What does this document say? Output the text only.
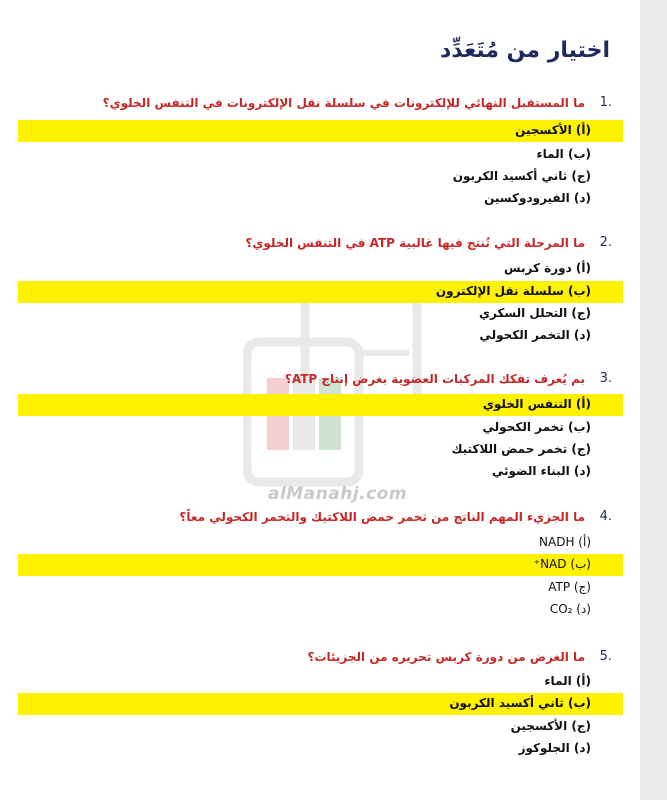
اختيار من مُتَعَدِّد
alManahj.com
1.
ما المستقبل النهائي للإلكترونات في سلسلة نقل الإلكترونات في التنفس الخلوي؟
(أ) الأكسجين
(ب) الماء
(ج) ثاني أكسيد الكربون
(د) الفيرودوكسين
2.
ما المرحلة التي تُنتج فيها غالبية ATP في التنفس الخلوي؟
(أ) دورة كربس
(ب) سلسلة نقل الإلكترون
(ج) التحلل السكري
(د) التخمر الكحولي
3.
بم يُعرف تفكك المركبات العضوية بغرض إنتاج ATP؟
(أ) التنفس الخلوي
(ب) تخمر الكحولي
(ج) تخمر حمض اللاكتيك
(د) البناء الضوئي
4.
ما الجزيء المهم الناتج من تخمر حمض اللاكتيك والتخمر الكحولي معاً؟
(أ) NADH
(ب) NAD⁺
(ج) ATP
(د) CO₂
5.
ما الغرض من دورة كربس تحريره من الجزيئات؟
(أ) الماء
(ب) ثاني أكسيد الكربون
(ج) الأكسجين
(د) الجلوكوز
